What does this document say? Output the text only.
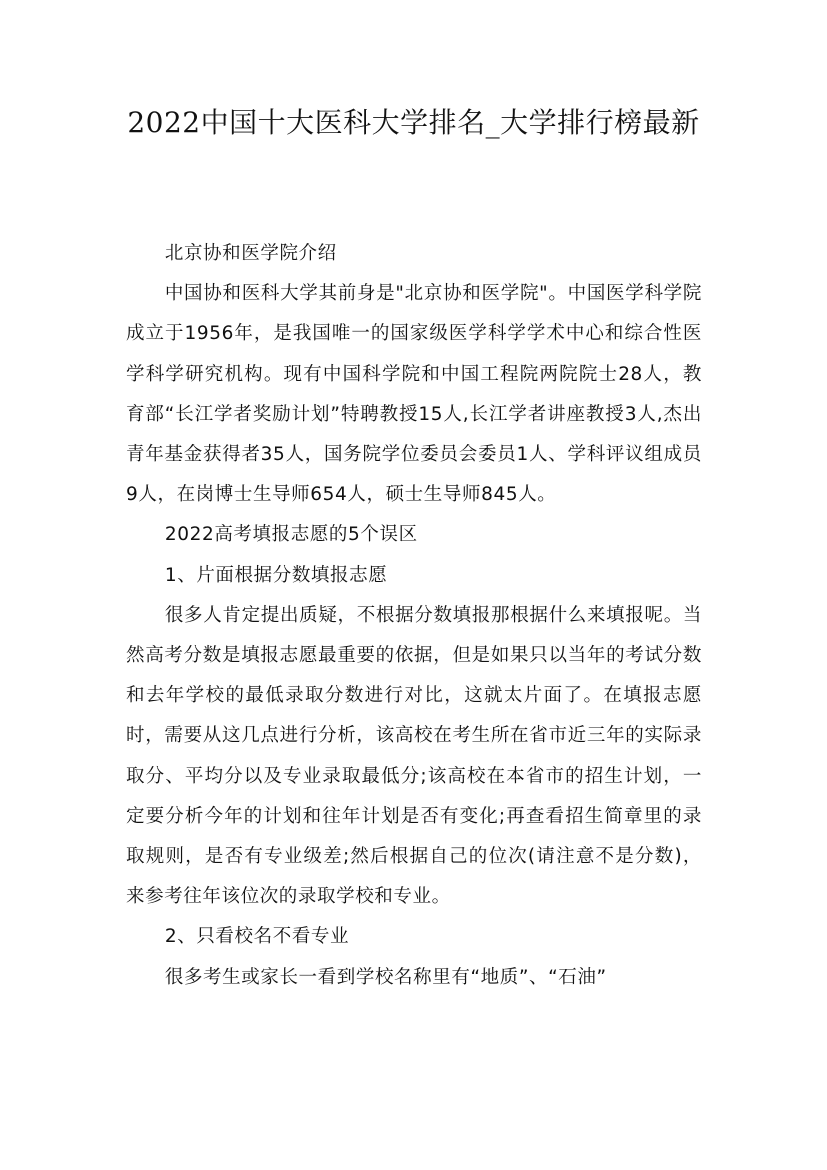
2022中国十大医科大学排名_大学排行榜最新

北京协和医学院介绍

中国协和医科大学其前身是"北京协和医学院"。中国医学科学院成立于1956年，是我国唯一的国家级医学科学学术中心和综合性医学科学研究机构。现有中国科学院和中国工程院两院院士28人，教育部“长江学者奖励计划”特聘教授15人,长江学者讲座教授3人,杰出青年基金获得者35人，国务院学位委员会委员1人、学科评议组成员9人，在岗博士生导师654人，硕士生导师845人。

2022高考填报志愿的5个误区

1、片面根据分数填报志愿

很多人肯定提出质疑，不根据分数填报那根据什么来填报呢。当然高考分数是填报志愿最重要的依据，但是如果只以当年的考试分数和去年学校的最低录取分数进行对比，这就太片面了。在填报志愿时，需要从这几点进行分析，该高校在考生所在省市近三年的实际录取分、平均分以及专业录取最低分;该高校在本省市的招生计划，一定要分析今年的计划和往年计划是否有变化;再查看招生简章里的录取规则，是否有专业级差;然后根据自己的位次(请注意不是分数)，来参考往年该位次的录取学校和专业。

2、只看校名不看专业

很多考生或家长一看到学校名称里有“地质”、“石油”
